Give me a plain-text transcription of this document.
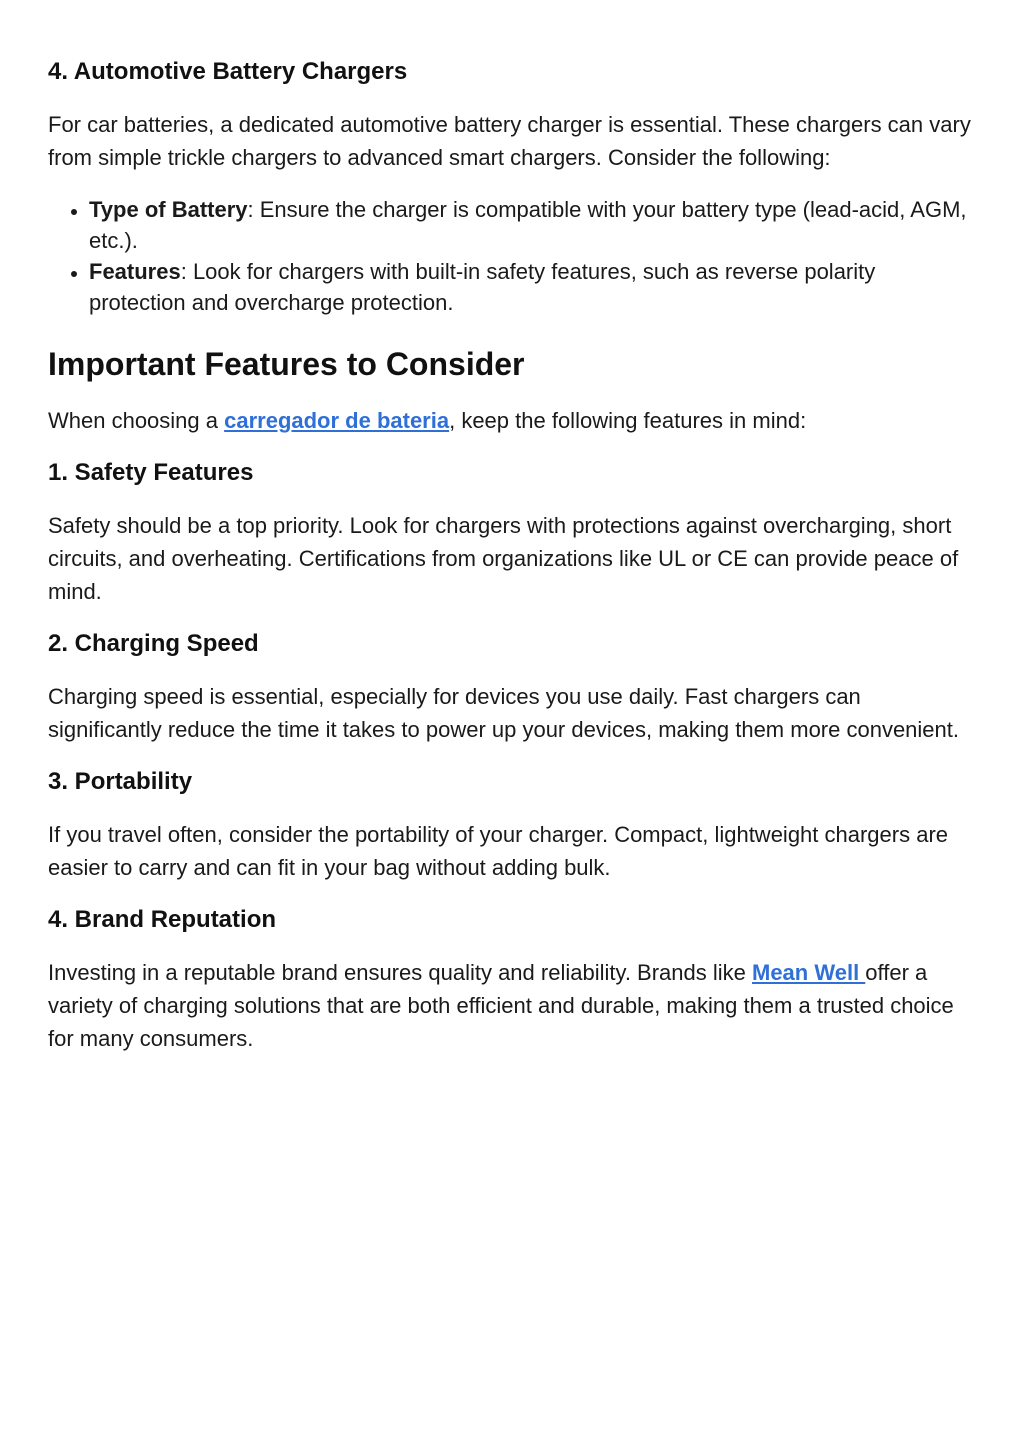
4. Automotive Battery Chargers

For car batteries, a dedicated automotive battery charger is essential. These chargers can vary from simple trickle chargers to advanced smart chargers. Consider the following:

• Type of Battery: Ensure the charger is compatible with your battery type (lead-acid, AGM, etc.).
• Features: Look for chargers with built-in safety features, such as reverse polarity protection and overcharge protection.
Important Features to Consider

When choosing a carregador de bateria, keep the following features in mind:

1. Safety Features

Safety should be a top priority. Look for chargers with protections against overcharging, short circuits, and overheating. Certifications from organizations like UL or CE can provide peace of mind.

2. Charging Speed

Charging speed is essential, especially for devices you use daily. Fast chargers can significantly reduce the time it takes to power up your devices, making them more convenient.

3. Portability

If you travel often, consider the portability of your charger. Compact, lightweight chargers are easier to carry and can fit in your bag without adding bulk.

4. Brand Reputation

Investing in a reputable brand ensures quality and reliability. Brands like Mean Well offer a variety of charging solutions that are both efficient and durable, making them a trusted choice for many consumers.
